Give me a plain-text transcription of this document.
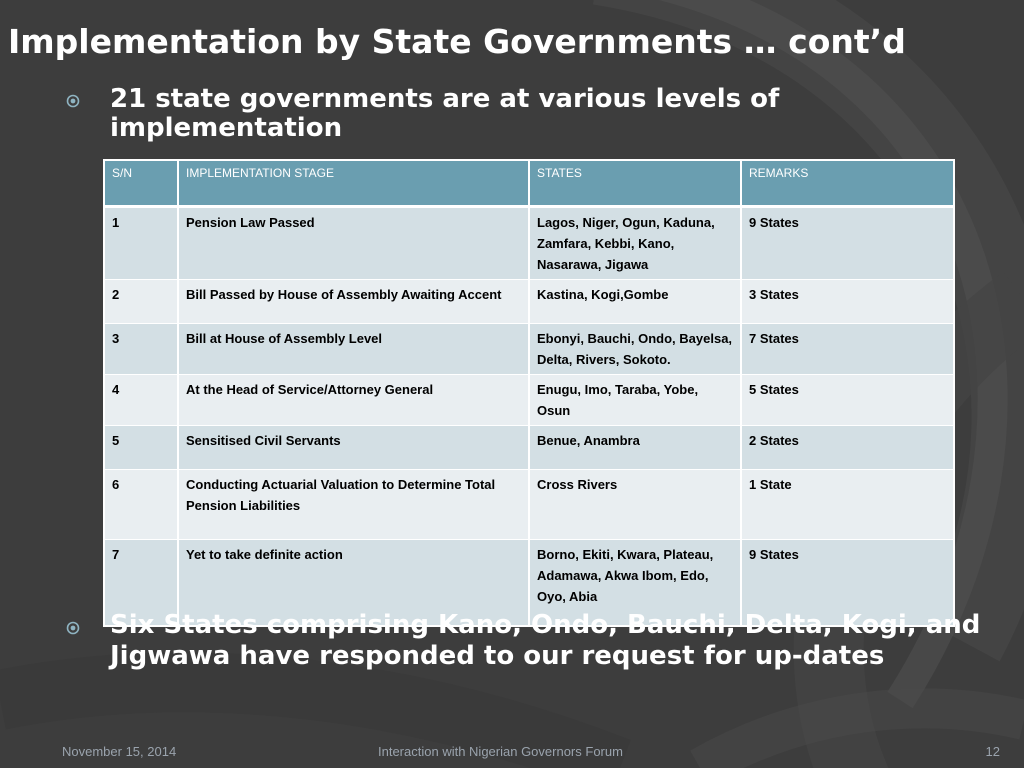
Implementation by State Governments … cont’d
21 state governments are at various levels of implementation
S/N	IMPLEMENTATION STAGE	STATES	REMARKS
1	Pension Law Passed	Lagos, Niger, Ogun, Kaduna, Zamfara, Kebbi, Kano, Nasarawa, Jigawa	9 States
2	Bill Passed by House of Assembly Awaiting Accent	Kastina, Kogi,Gombe	3 States
3	Bill at House of Assembly Level	Ebonyi, Bauchi, Ondo, Bayelsa, Delta, Rivers, Sokoto.	7 States
4	At the Head of Service/Attorney General	Enugu, Imo, Taraba, Yobe, Osun	5 States
5	Sensitised Civil Servants	Benue, Anambra	2 States
6	Conducting Actuarial Valuation to Determine Total Pension Liabilities	Cross Rivers	1 State
7	Yet to take definite action	Borno, Ekiti, Kwara, Plateau, Adamawa, Akwa Ibom, Edo, Oyo, Abia	9 States
Six States comprising Kano, Ondo, Bauchi, Delta, Kogi, and Jigwawa have responded to our request for up-dates
November 15, 2014	Interaction with Nigerian Governors Forum	12
